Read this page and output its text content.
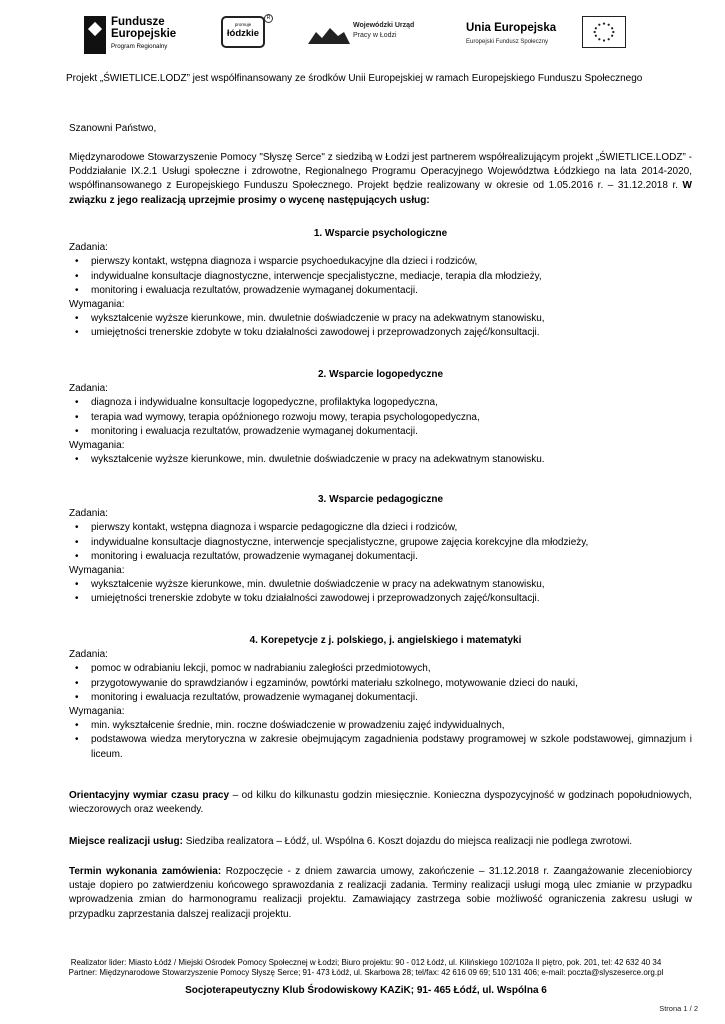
Fundusze
Europejskie
Program Regionalny
promuje
łódzkie
R
Wojewódzki Urząd
Pracy w Łodzi
Unia Europejska
Europejski Fundusz Społeczny

Projekt „ŚWIETLICE.LODZ” jest współfinansowany ze środków Unii Europejskiej w ramach Europejskiego Funduszu Społecznego

Szanowni Państwo,

Międzynarodowe Stowarzyszenie Pomocy "Słyszę Serce" z siedzibą w Łodzi jest partnerem współrealizującym projekt „ŚWIETLICE.LODZ” - Poddziałanie IX.2.1 Usługi społeczne i zdrowotne, Regionalnego Programu Operacyjnego Województwa Łódzkiego na lata 2014-2020, współfinansowanego z Europejskiego Funduszu Społecznego. Projekt będzie realizowany w okresie od 1.05.2016 r. – 31.12.2018 r. W związku z jego realizacją uprzejmie prosimy o wycenę następujących usług:

1. Wsparcie psychologiczne
Zadania:
• pierwszy kontakt, wstępna diagnoza i wsparcie psychoedukacyjne dla dzieci i rodziców,
• indywidualne konsultacje diagnostyczne, interwencje specjalistyczne, mediacje, terapia dla młodzieży,
• monitoring i ewaluacja rezultatów, prowadzenie wymaganej dokumentacji.
Wymagania:
• wykształcenie wyższe kierunkowe, min. dwuletnie doświadczenie w pracy na adekwatnym stanowisku,
• umiejętności trenerskie zdobyte w toku działalności zawodowej i przeprowadzonych zajęć/konsultacji.
2. Wsparcie logopedyczne
Zadania:
• diagnoza i indywidualne konsultacje logopedyczne, profilaktyka logopedyczna,
• terapia wad wymowy, terapia opóźnionego rozwoju mowy, terapia psychologopedyczna,
• monitoring i ewaluacja rezultatów, prowadzenie wymaganej dokumentacji.
Wymagania:
• wykształcenie wyższe kierunkowe, min. dwuletnie doświadczenie w pracy na adekwatnym stanowisku.
3. Wsparcie pedagogiczne
Zadania:
• pierwszy kontakt, wstępna diagnoza i wsparcie pedagogiczne dla dzieci i rodziców,
• indywidualne konsultacje diagnostyczne, interwencje specjalistyczne, grupowe zajęcia korekcyjne dla młodzieży,
• monitoring i ewaluacja rezultatów, prowadzenie wymaganej dokumentacji.
Wymagania:
• wykształcenie wyższe kierunkowe, min. dwuletnie doświadczenie w pracy na adekwatnym stanowisku,
• umiejętności trenerskie zdobyte w toku działalności zawodowej i przeprowadzonych zajęć/konsultacji.
4. Korepetycje z j. polskiego, j. angielskiego i matematyki
Zadania:
• pomoc w odrabianiu lekcji, pomoc w nadrabianiu zaległości przedmiotowych,
• przygotowywanie do sprawdzianów i egzaminów, powtórki materiału szkolnego, motywowanie dzieci do nauki,
• monitoring i ewaluacja rezultatów, prowadzenie wymaganej dokumentacji.
Wymagania:
• min. wykształcenie średnie, min. roczne doświadczenie w prowadzeniu zajęć indywidualnych,
• podstawowa wiedza merytoryczna w zakresie obejmującym zagadnienia podstawy programowej w szkole podstawowej, gimnazjum i liceum.

Orientacyjny wymiar czasu pracy – od kilku do kilkunastu godzin miesięcznie. Konieczna dyspozycyjność w godzinach popołudniowych, wieczorowych oraz weekendy.

Miejsce realizacji usług: Siedziba realizatora – Łódź, ul. Wspólna 6. Koszt dojazdu do miejsca realizacji nie podlega zwrotowi.

Termin wykonania zamówienia: Rozpoczęcie - z dniem zawarcia umowy, zakończenie – 31.12.2018 r. Zaangażowanie zleceniobiorcy ustaje dopiero po zatwierdzeniu końcowego sprawozdania z realizacji zadania. Terminy realizacji usługi mogą ulec zmianie w przypadku wprowadzenia zmian do harmonogramu realizacji projektu. Zamawiający zastrzega sobie możliwość ograniczenia zakresu usługi w przypadku zaprzestania dalszej realizacji projektu.

Realizator lider: Miasto Łódź / Miejski Ośrodek Pomocy Społecznej w Łodzi; Biuro projektu: 90 - 012 Łódź, ul. Kilińskiego 102/102a II piętro, pok. 201, tel: 42 632 40 34
Partner: Międzynarodowe Stowarzyszenie Pomocy Słyszę Serce; 91- 473 Łódź, ul. Skarbowa 28; tel/fax: 42 616 09 69; 510 131 406; e-mail: poczta@slyszeserce.org.pl
Socjoterapeutyczny Klub Środowiskowy KAZiK; 91- 465 Łódź, ul. Wspólna 6
Strona 1 / 2
